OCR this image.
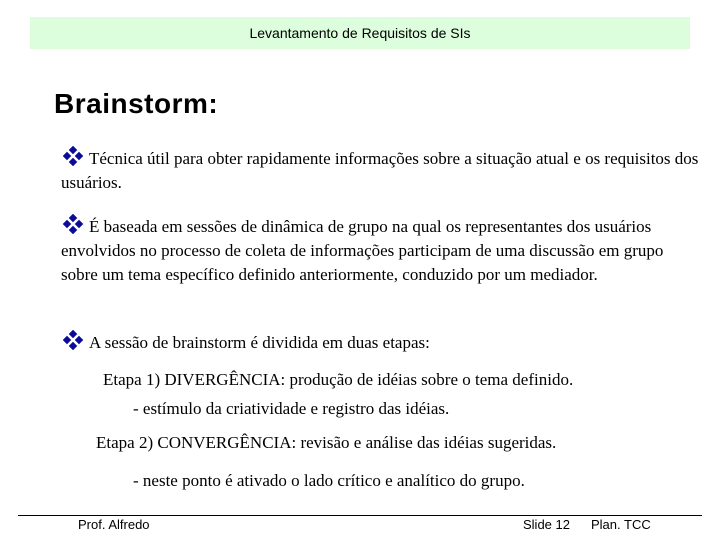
Levantamento de Requisitos de SIs
Brainstorm:
Técnica útil para obter rapidamente informações sobre a situação atual e os requisitos dos usuários.
É baseada em sessões de dinâmica de grupo na qual os representantes dos usuários envolvidos no processo de coleta de informações participam de uma discussão em grupo sobre um tema específico definido anteriormente, conduzido por um mediador.
A sessão de brainstorm é dividida em duas etapas:
Etapa 1) DIVERGÊNCIA: produção de idéias sobre o tema definido.
- estímulo da criatividade e registro das idéias.
Etapa 2) CONVERGÊNCIA: revisão e análise das idéias sugeridas.
- neste ponto é ativado o lado crítico e analítico do grupo.
Prof. Alfredo	Slide 12 Plan. TCC
